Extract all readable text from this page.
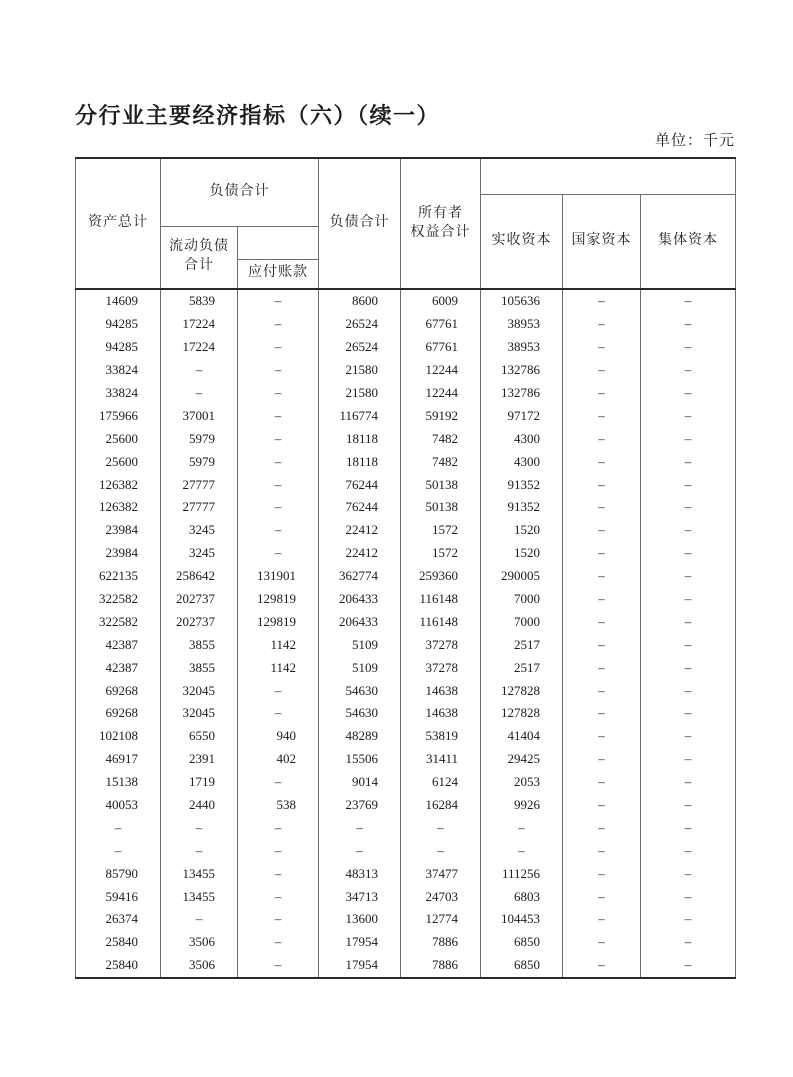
分行业主要经济指标（六）（续一）
单位：千元
资产总计	负债合计		负债合计	所有者
权益合计			

					实收资本	国家资本	集体资本

	流动负债
合计						

		应付账款					
14609	5839	–	8600	6009	105636	–	–
94285	17224	–	26524	67761	38953	–	–
94285	17224	–	26524	67761	38953	–	–
33824	–	–	21580	12244	132786	–	–
33824	–	–	21580	12244	132786	–	–
175966	37001	–	116774	59192	97172	–	–
25600	5979	–	18118	7482	4300	–	–
25600	5979	–	18118	7482	4300	–	–
126382	27777	–	76244	50138	91352	–	–
126382	27777	–	76244	50138	91352	–	–
23984	3245	–	22412	1572	1520	–	–
23984	3245	–	22412	1572	1520	–	–
622135	258642	131901	362774	259360	290005	–	–
322582	202737	129819	206433	116148	7000	–	–
322582	202737	129819	206433	116148	7000	–	–
42387	3855	1142	5109	37278	2517	–	–
42387	3855	1142	5109	37278	2517	–	–
69268	32045	–	54630	14638	127828	–	–
69268	32045	–	54630	14638	127828	–	–
102108	6550	940	48289	53819	41404	–	–
46917	2391	402	15506	31411	29425	–	–
15138	1719	–	9014	6124	2053	–	–
40053	2440	538	23769	16284	9926	–	–
–	–	–	–	–	–	–	–
–	–	–	–	–	–	–	–
85790	13455	–	48313	37477	111256	–	–
59416	13455	–	34713	24703	6803	–	–
26374	–	–	13600	12774	104453	–	–
25840	3506	–	17954	7886	6850	–	–
25840	3506	–	17954	7886	6850	–	–
